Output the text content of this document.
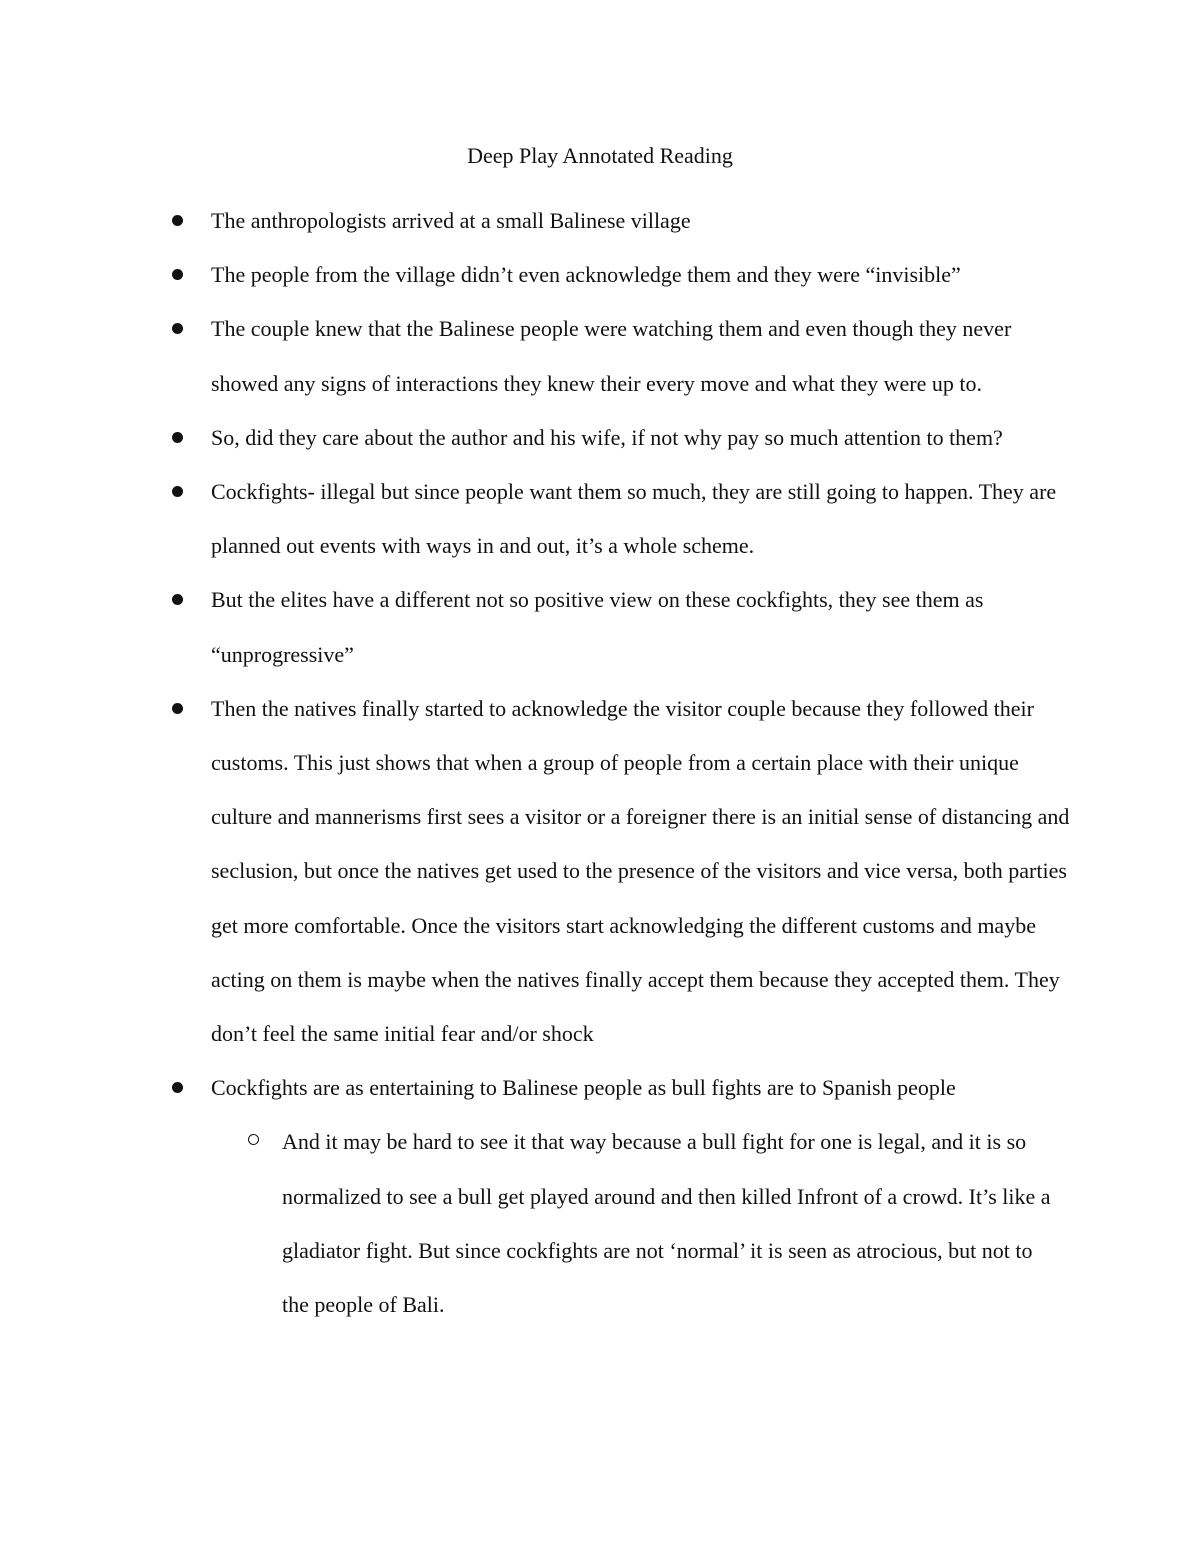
Deep Play Annotated Reading
The anthropologists arrived at a small Balinese village
The people from the village didn’t even acknowledge them and they were “invisible”
The couple knew that the Balinese people were watching them and even though they never showed any signs of interactions they knew their every move and what they were up to.
So, did they care about the author and his wife, if not why pay so much attention to them?
Cockfights- illegal but since people want them so much, they are still going to happen. They are planned out events with ways in and out, it’s a whole scheme.
But the elites have a different not so positive view on these cockfights, they see them as “unprogressive”
Then the natives finally started to acknowledge the visitor couple because they followed their customs. This just shows that when a group of people from a certain place with their unique culture and mannerisms first sees a visitor or a foreigner there is an initial sense of distancing and seclusion, but once the natives get used to the presence of the visitors and vice versa, both parties get more comfortable. Once the visitors start acknowledging the different customs and maybe acting on them is maybe when the natives finally accept them because they accepted them. They don’t feel the same initial fear and/or shock
Cockfights are as entertaining to Balinese people as bull fights are to Spanish people
And it may be hard to see it that way because a bull fight for one is legal, and it is so normalized to see a bull get played around and then killed Infront of a crowd. It’s like a gladiator fight. But since cockfights are not ‘normal’ it is seen as atrocious, but not to the people of Bali.
